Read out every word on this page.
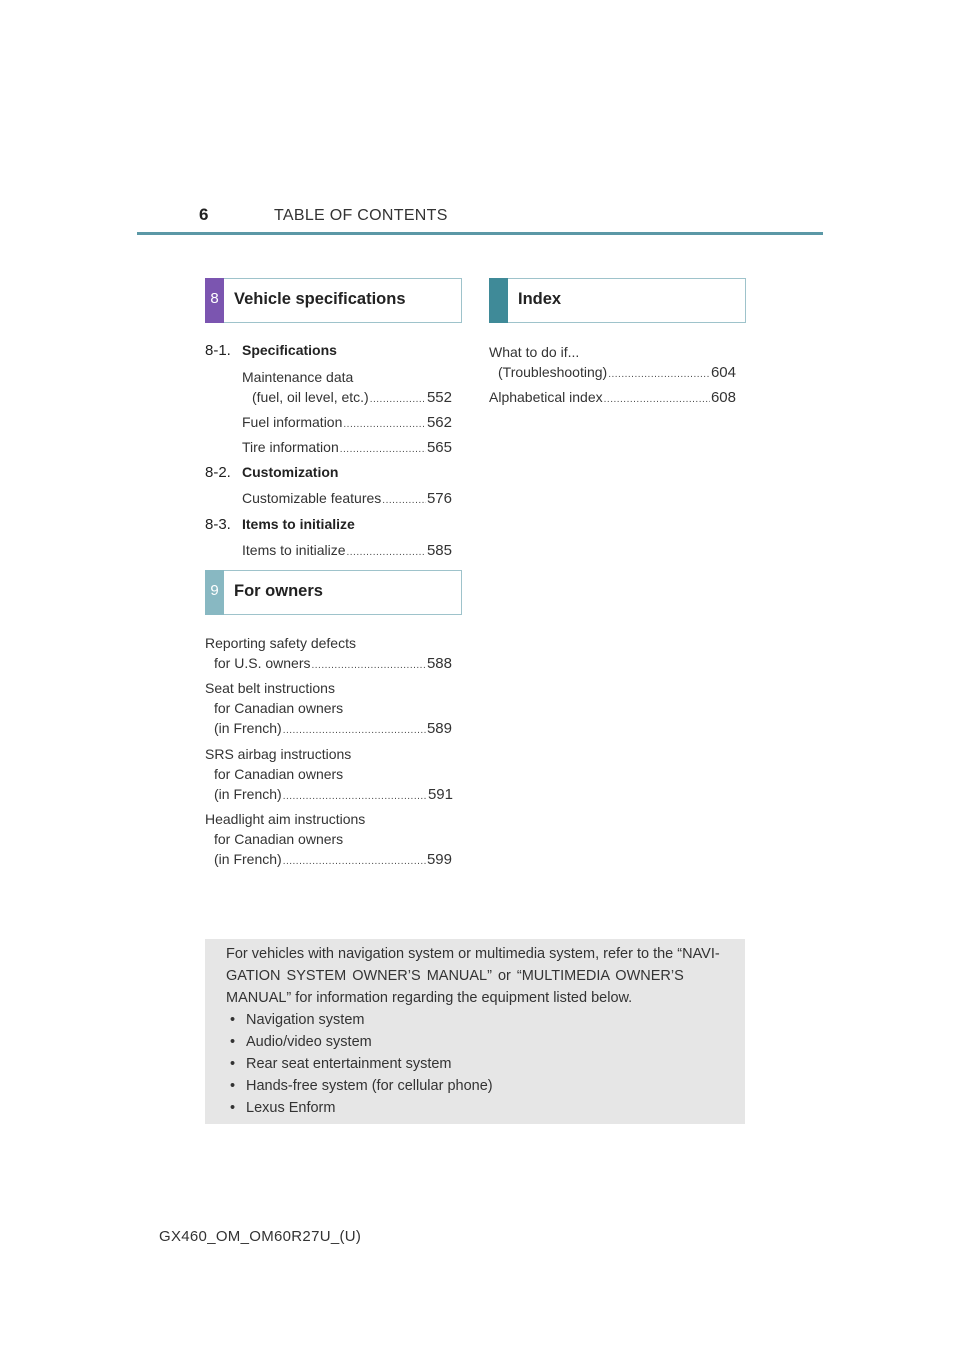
6	TABLE OF CONTENTS
8 Vehicle specifications	Index
8-1. Specifications
Maintenance data
(fuel, oil level, etc.) .....	552
Fuel information .....	562
Tire information .....	565
8-2. Customization
Customizable features .....	576
8-3. Items to initialize
Items to initialize .....	585
9 For owners
Reporting safety defects
for U.S. owners .....	588
Seat belt instructions
for Canadian owners
(in French) .....	589
SRS airbag instructions
for Canadian owners
(in French) .....	591
Headlight aim instructions
for Canadian owners
(in French) .....	599
What to do if...
(Troubleshooting) .....	604
Alphabetical index .....	608
For vehicles with navigation system or multimedia system, refer to the “NAVI-
GATION SYSTEM OWNER’S MANUAL” or “MULTIMEDIA OWNER’S
MANUAL” for information regarding the equipment listed below.
• Navigation system
• Audio/video system
• Rear seat entertainment system
• Hands-free system (for cellular phone)
• Lexus Enform
GX460_OM_OM60R27U_(U)
